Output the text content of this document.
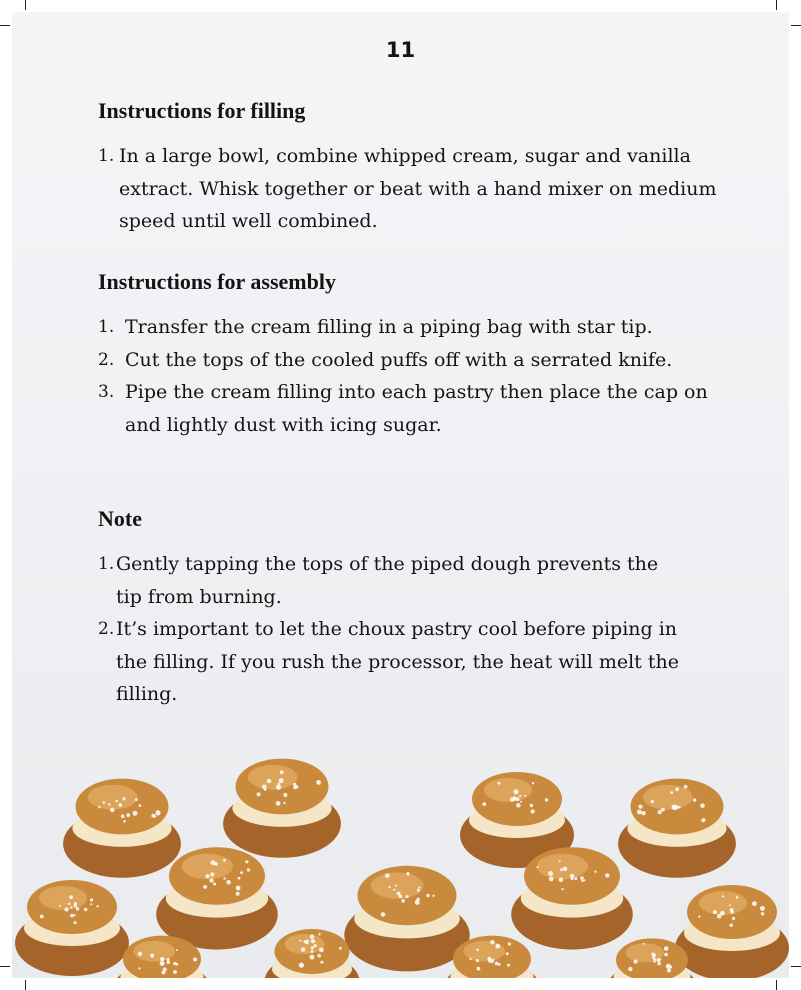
11
Instructions for filling
1. In a large bowl, combine whipped cream, sugar and vanilla extract. Whisk together or beat with a hand mixer on medium speed until well combined.
Instructions for assembly
1. Transfer the cream filling in a piping bag with star tip.
2. Cut the tops of the cooled puffs off with a serrated knife.
3. Pipe the cream filling into each pastry then place the cap on and lightly dust with icing sugar.
Note
1. Gently tapping the tops of the piped dough prevents the tip from burning.
2. It’s important to let the choux pastry cool before piping in the filling. If you rush the processor, the heat will melt the filling.
